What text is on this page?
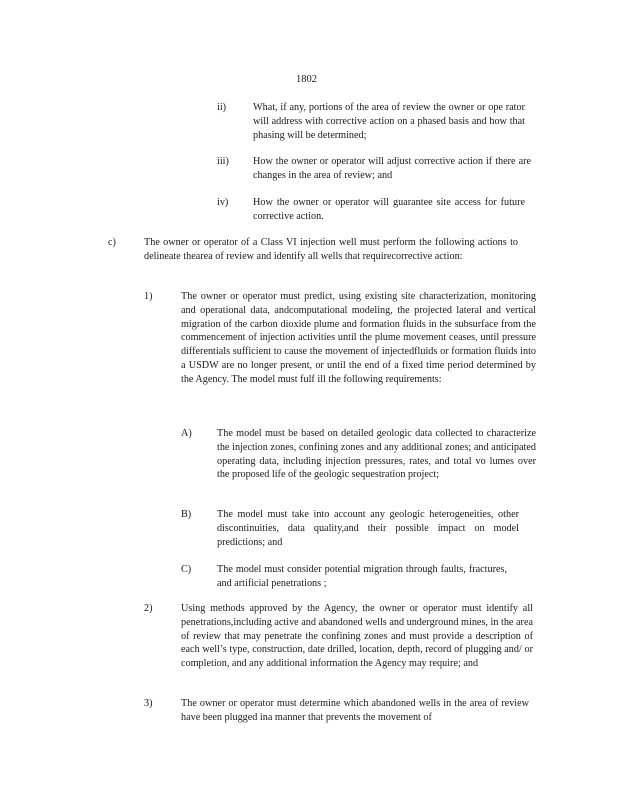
1802
ii)	What, if any, portions of the area of review the owner or ope rator will address with corrective action on a phased basis and how that phasing will be determined;
iii) How the owner or operator will adjust corrective action if there are changes in the area of review; and
iv) How the owner or operator will guarantee site access for future corrective action.
c)	The owner or operator of a Class VI injection well must perform the following actions to delineate thearea of review and identify all wells that requirecorrective action:
1)	The owner or operator must predict, using existing site characterization, monitoring and operational data, andcomputational modeling, the projected lateral and vertical migration of the carbon dioxide plume and formation fluids in the subsurface from the commencement of injection activities until the plume movement ceases, until pressure differentials sufficient to cause the movement of injectedfluids or formation fluids into a USDW are no longer present, or until the end of a fixed time period determined by the Agency. The model must fulf ill the following requirements:
A) The model must be based on detailed geologic data collected to characterize the injection zones, confining zones and any additional zones; and anticipated operating data, including injection pressures, rates, and total vo lumes over the proposed life of the geologic sequestration project;
B)	The model must take into account any geologic heterogeneities, other discontinuities, data quality,and their possible impact on model predictions; and
C)	The model must consider potential migration through faults, fractures, and artificial penetrations ;
2)	Using methods approved by the Agency, the owner or operator must identify all penetrations,including active and abandoned wells and underground mines, in the area of review that may penetrate the confining zones and must provide a description of each well’s type, construction, date drilled, location, depth, record of plugging and/ or completion, and any additional information the Agency may require; and
3)	The owner or operator must determine which abandoned wells in the area of review have been plugged ina manner that prevents the movement of
